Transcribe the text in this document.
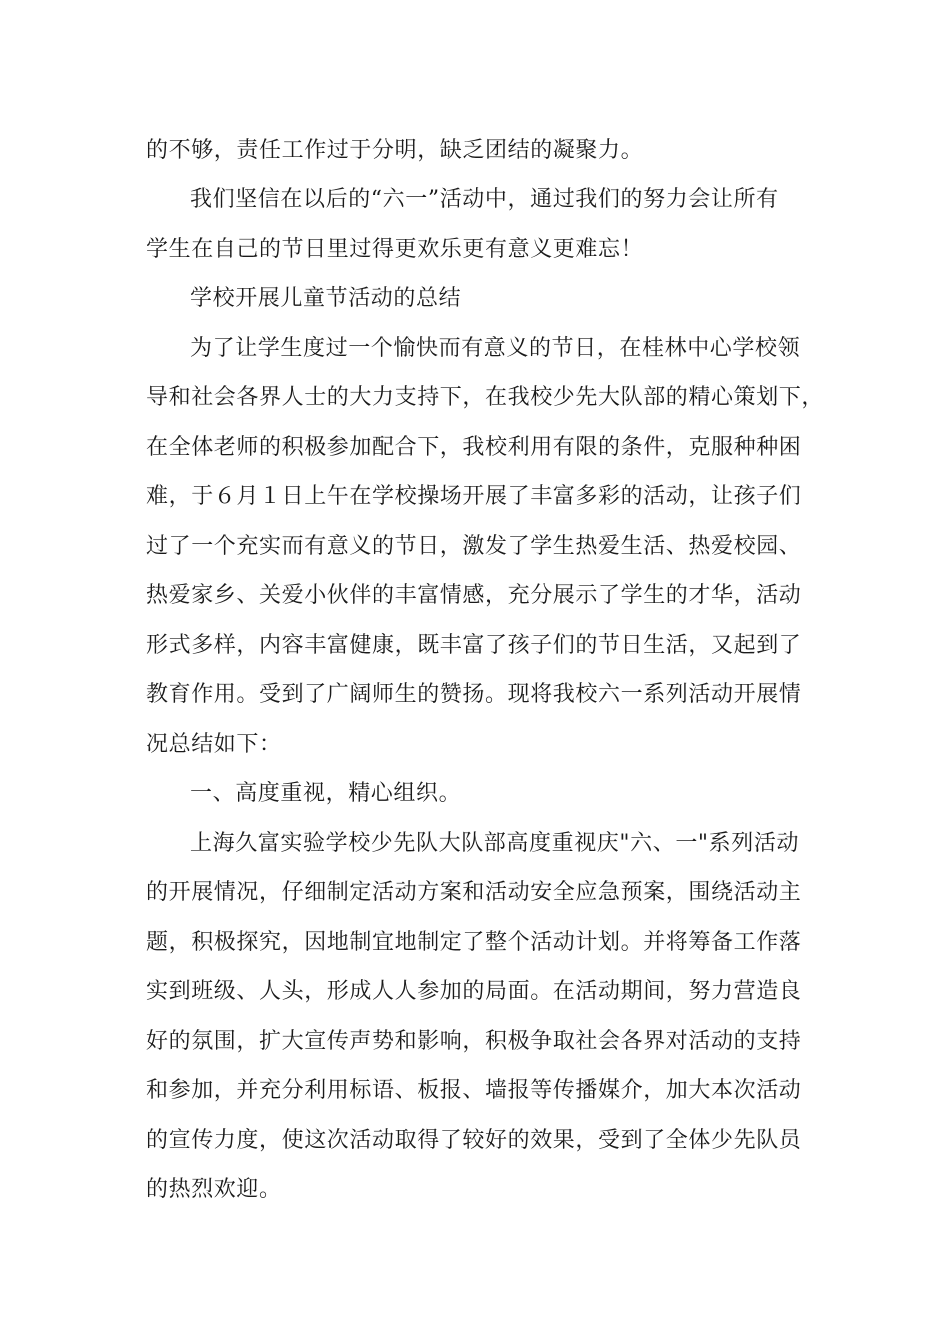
的不够，责任工作过于分明，缺乏团结的凝聚力。

我们坚信在以后的“六一”活动中，通过我们的努力会让所有

学生在自己的节日里过得更欢乐更有意义更难忘！

学校开展儿童节活动的总结

为了让学生度过一个愉快而有意义的节日，在桂林中心学校领

导和社会各界人士的大力支持下，在我校少先大队部的精心策划下，

在全体老师的积极参加配合下，我校利用有限的条件，克服种种困

难，于６月１日上午在学校操场开展了丰富多彩的活动，让孩子们

过了一个充实而有意义的节日，激发了学生热爱生活、热爱校园、

热爱家乡、关爱小伙伴的丰富情感，充分展示了学生的才华，活动

形式多样，内容丰富健康，既丰富了孩子们的节日生活，又起到了

教育作用。受到了广阔师生的赞扬。现将我校六一系列活动开展情

况总结如下：

一、高度重视，精心组织。

上海久富实验学校少先队大队部高度重视庆"六、一"系列活动

的开展情况，仔细制定活动方案和活动安全应急预案，围绕活动主

题，积极探究，因地制宜地制定了整个活动计划。并将筹备工作落

实到班级、人头，形成人人参加的局面。在活动期间，努力营造良

好的氛围，扩大宣传声势和影响，积极争取社会各界对活动的支持

和参加，并充分利用标语、板报、墙报等传播媒介，加大本次活动

的宣传力度，使这次活动取得了较好的效果，受到了全体少先队员

的热烈欢迎。
